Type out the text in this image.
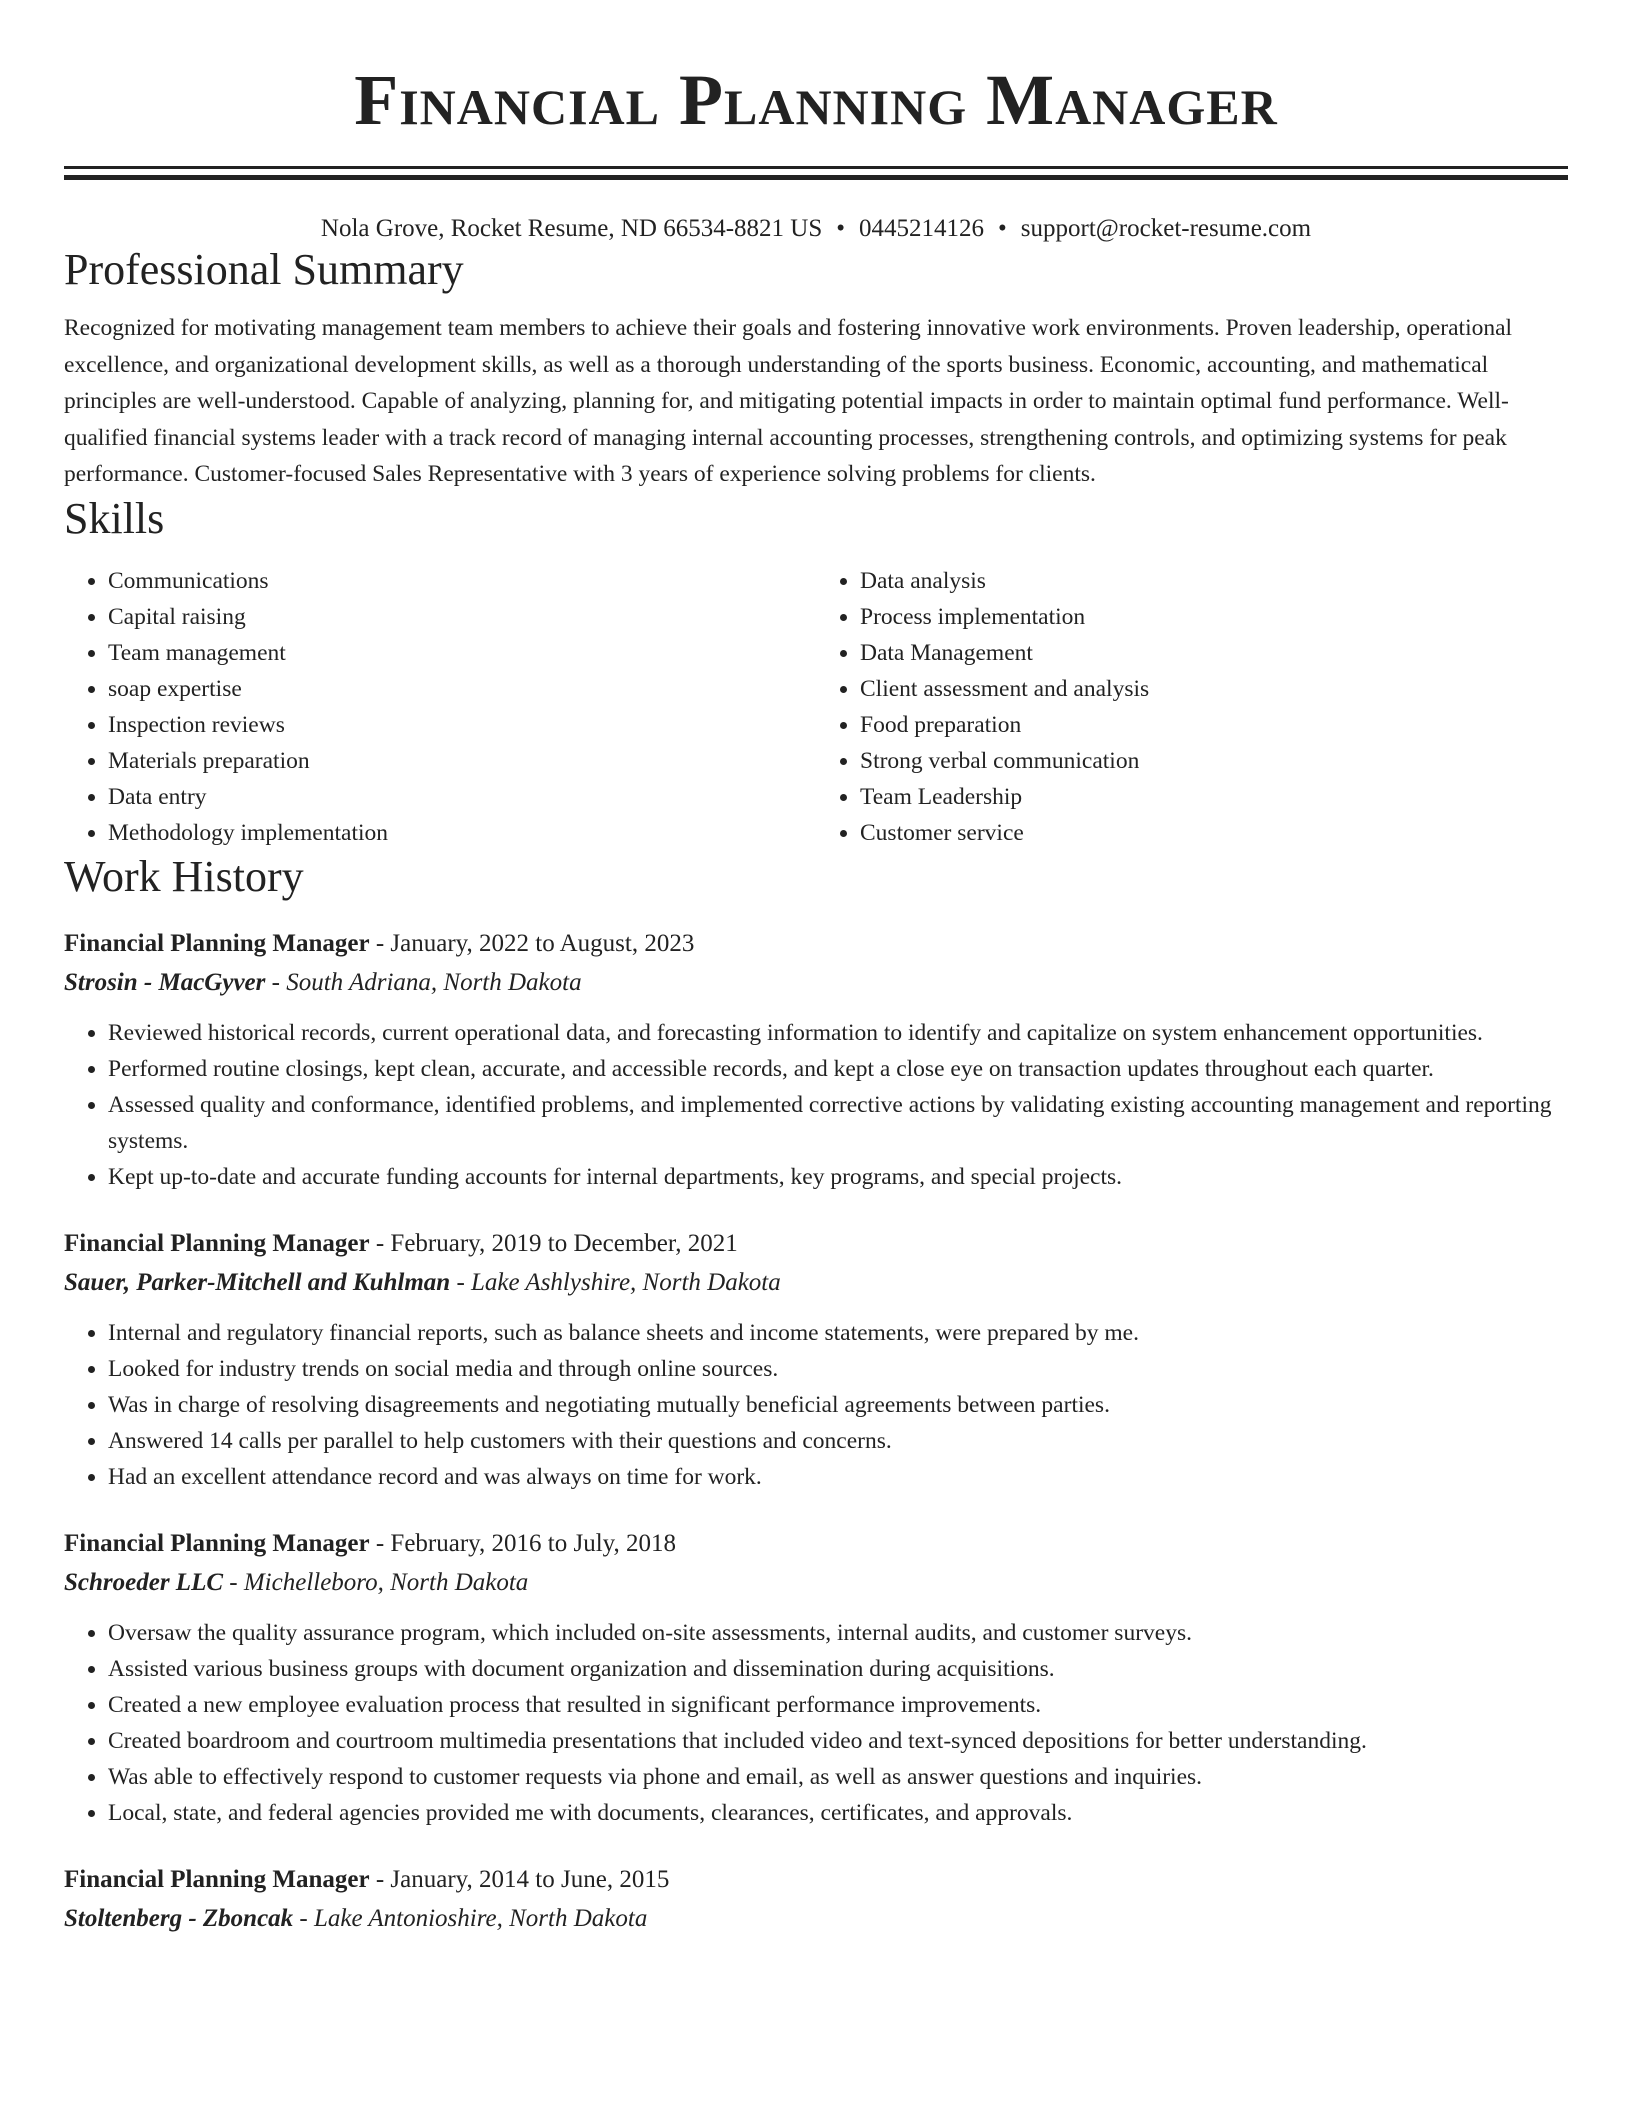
Financial Planning Manager
Nola Grove, Rocket Resume, ND 66534-8821 US • 0445214126 • support@rocket-resume.com
Professional Summary
Recognized for motivating management team members to achieve their goals and fostering innovative work environments. Proven leadership, operational excellence, and organizational development skills, as well as a thorough understanding of the sports business. Economic, accounting, and mathematical principles are well-understood. Capable of analyzing, planning for, and mitigating potential impacts in order to maintain optimal fund performance. Well-qualified financial systems leader with a track record of managing internal accounting processes, strengthening controls, and optimizing systems for peak performance. Customer-focused Sales Representative with 3 years of experience solving problems for clients.
Skills
• Communications
• Capital raising
• Team management
• soap expertise
• Inspection reviews
• Materials preparation
• Data entry
• Methodology implementation
• Data analysis
• Process implementation
• Data Management
• Client assessment and analysis
• Food preparation
• Strong verbal communication
• Team Leadership
• Customer service
Work History
Financial Planning Manager - January, 2022 to August, 2023
Strosin - MacGyver - South Adriana, North Dakota
• Reviewed historical records, current operational data, and forecasting information to identify and capitalize on system enhancement opportunities.
• Performed routine closings, kept clean, accurate, and accessible records, and kept a close eye on transaction updates throughout each quarter.
• Assessed quality and conformance, identified problems, and implemented corrective actions by validating existing accounting management and reporting systems.
• Kept up-to-date and accurate funding accounts for internal departments, key programs, and special projects.
Financial Planning Manager - February, 2019 to December, 2021
Sauer, Parker-Mitchell and Kuhlman - Lake Ashlyshire, North Dakota
• Internal and regulatory financial reports, such as balance sheets and income statements, were prepared by me.
• Looked for industry trends on social media and through online sources.
• Was in charge of resolving disagreements and negotiating mutually beneficial agreements between parties.
• Answered 14 calls per parallel to help customers with their questions and concerns.
• Had an excellent attendance record and was always on time for work.
Financial Planning Manager - February, 2016 to July, 2018
Schroeder LLC - Michelleboro, North Dakota
• Oversaw the quality assurance program, which included on-site assessments, internal audits, and customer surveys.
• Assisted various business groups with document organization and dissemination during acquisitions.
• Created a new employee evaluation process that resulted in significant performance improvements.
• Created boardroom and courtroom multimedia presentations that included video and text-synced depositions for better understanding.
• Was able to effectively respond to customer requests via phone and email, as well as answer questions and inquiries.
• Local, state, and federal agencies provided me with documents, clearances, certificates, and approvals.
Financial Planning Manager - January, 2014 to June, 2015
Stoltenberg - Zboncak - Lake Antonioshire, North Dakota
